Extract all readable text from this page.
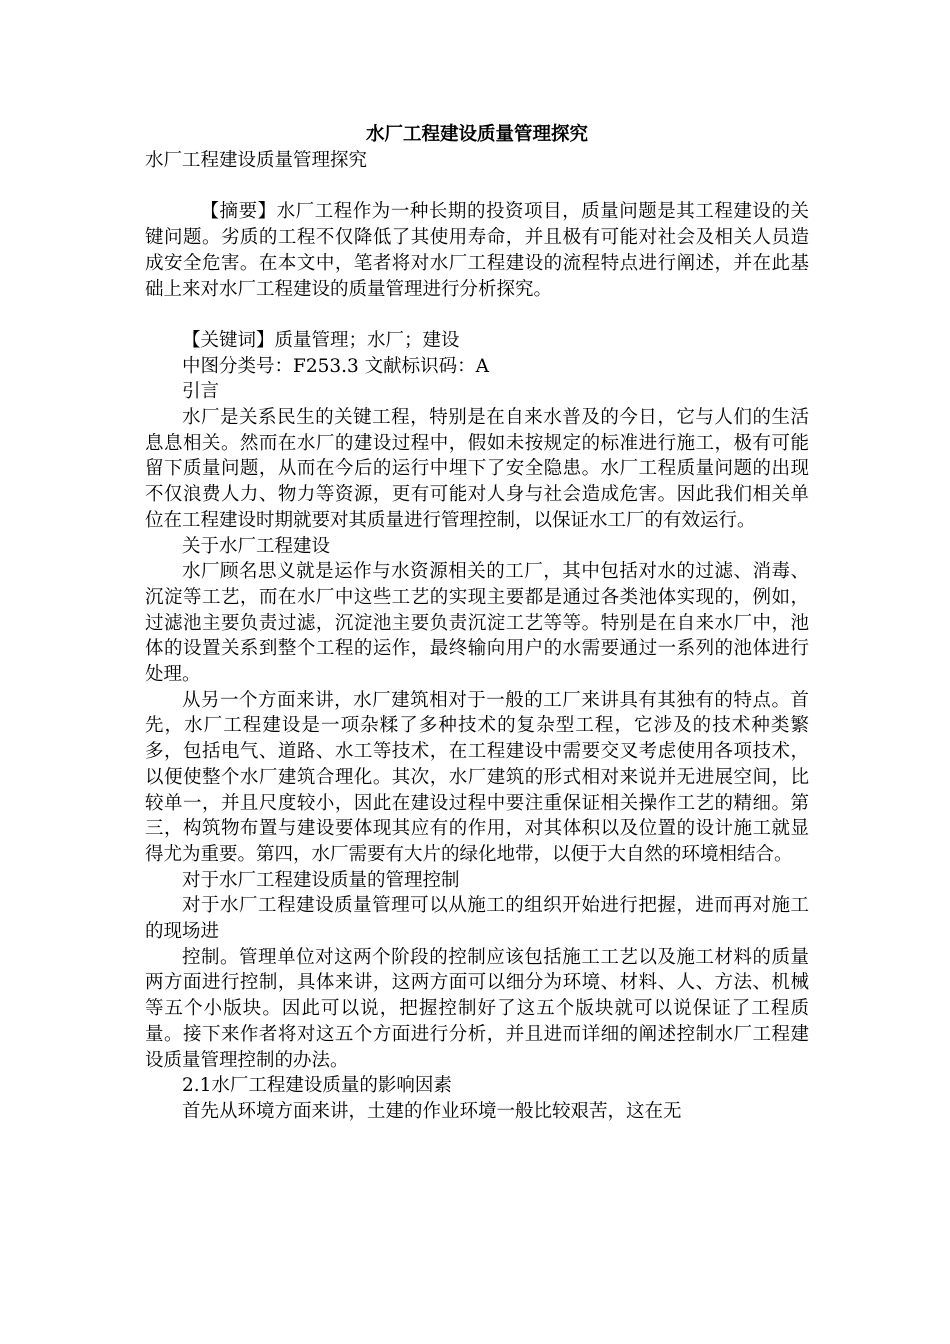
水厂工程建设质量管理探究
水厂工程建设质量管理探究

【摘要】水厂工程作为一种长期的投资项目，质量问题是其工程建设的关键问题。劣质的工程不仅降低了其使用寿命，并且极有可能对社会及相关人员造成安全危害。在本文中，笔者将对水厂工程建设的流程特点进行阐述，并在此基础上来对水厂工程建设的质量管理进行分析探究。

【关键词】质量管理；水厂；建设

中图分类号：F253.3 文献标识码：A

引言

水厂是关系民生的关键工程，特别是在自来水普及的今日，它与人们的生活息息相关。然而在水厂的建设过程中，假如未按规定的标准进行施工，极有可能留下质量问题，从而在今后的运行中埋下了安全隐患。水厂工程质量问题的出现不仅浪费人力、物力等资源，更有可能对人身与社会造成危害。因此我们相关单位在工程建设时期就要对其质量进行管理控制，以保证水工厂的有效运行。

关于水厂工程建设

水厂顾名思义就是运作与水资源相关的工厂，其中包括对水的过滤、消毒、沉淀等工艺，而在水厂中这些工艺的实现主要都是通过各类池体实现的，例如，过滤池主要负责过滤，沉淀池主要负责沉淀工艺等等。特别是在自来水厂中，池体的设置关系到整个工程的运作，最终输向用户的水需要通过一系列的池体进行处理。

从另一个方面来讲，水厂建筑相对于一般的工厂来讲具有其独有的特点。首先，水厂工程建设是一项杂糅了多种技术的复杂型工程，它涉及的技术种类繁多，包括电气、道路、水工等技术，在工程建设中需要交叉考虑使用各项技术，以便使整个水厂建筑合理化。其次，水厂建筑的形式相对来说并无进展空间，比较单一，并且尺度较小，因此在建设过程中要注重保证相关操作工艺的精细。第三，构筑物布置与建设要体现其应有的作用，对其体积以及位置的设计施工就显得尤为重要。第四，水厂需要有大片的绿化地带，以便于大自然的环境相结合。

对于水厂工程建设质量的管理控制

对于水厂工程建设质量管理可以从施工的组织开始进行把握，进而再对施工的现场进

控制。管理单位对这两个阶段的控制应该包括施工工艺以及施工材料的质量两方面进行控制，具体来讲，这两方面可以细分为环境、材料、人、方法、机械等五个小版块。因此可以说，把握控制好了这五个版块就可以说保证了工程质量。接下来作者将对这五个方面进行分析，并且进而详细的阐述控制水厂工程建设质量管理控制的办法。

2.1水厂工程建设质量的影响因素

首先从环境方面来讲，土建的作业环境一般比较艰苦，这在无
